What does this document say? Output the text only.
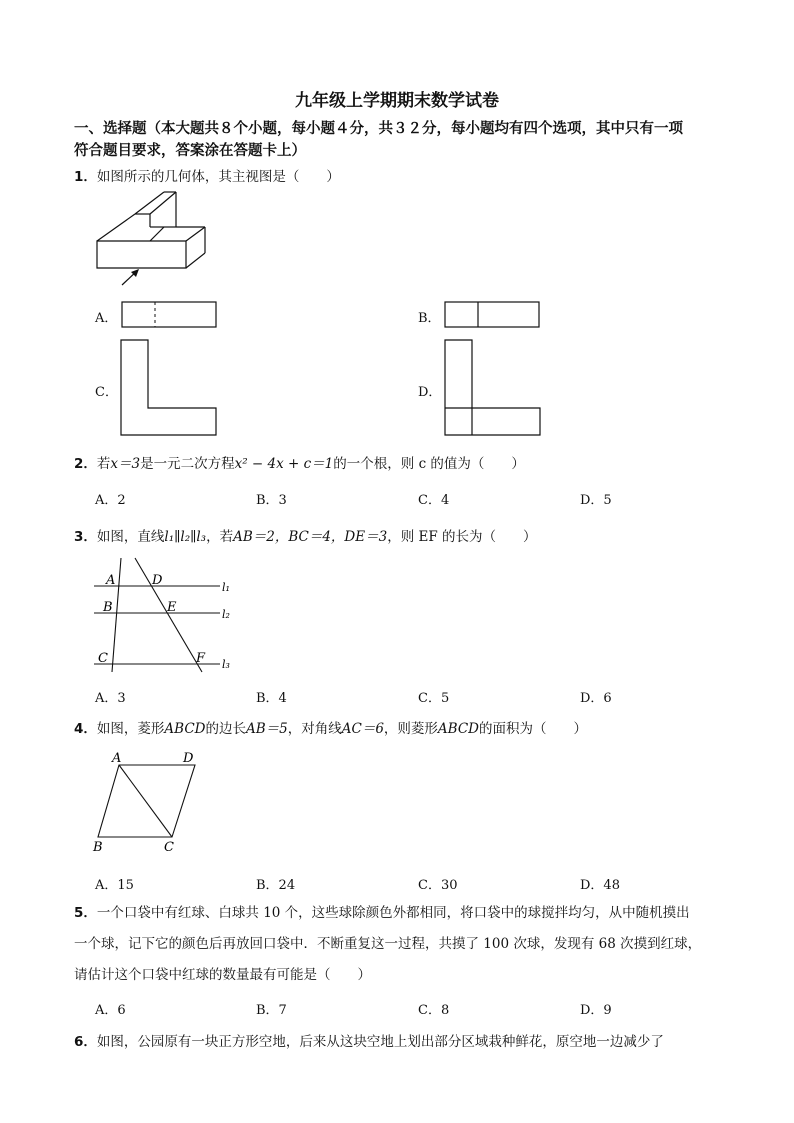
九年级上学期期末数学试卷
一、选择题（本大题共８个小题，每小题４分，共３２分，每小题均有四个选项，其中只有一项
符合题目要求，答案涂在答题卡上）
1．如图所示的几何体，其主视图是（　　）
A．	B．
C．	D．
2．若x＝3是一元二次方程x² − 4x + c＝1的一个根，则 c 的值为（　　）
A．2	B．3	C．4	D．5
3．如图，直线l₁∥l₂∥l₃，若AB＝2，BC＝4，DE＝3，则 EF 的长为（　　）
A	D
B	E
C	F
l₁
l₂
l₃
A．3	B．4	C．5	D．6
4．如图，菱形ABCD的边长AB＝5，对角线AC＝6，则菱形ABCD的面积为（　　）
A	D
B	C
A．15	B．24	C．30	D．48
5．一个口袋中有红球、白球共 10 个，这些球除颜色外都相同，将口袋中的球搅拌均匀，从中随机摸出
一个球，记下它的颜色后再放回口袋中．不断重复这一过程，共摸了 100 次球，发现有 68 次摸到红球，
请估计这个口袋中红球的数量最有可能是（　　）
A．6	B．7	C．8	D．9
6．如图，公园原有一块正方形空地，后来从这块空地上划出部分区域栽种鲜花，原空地一边减少了
